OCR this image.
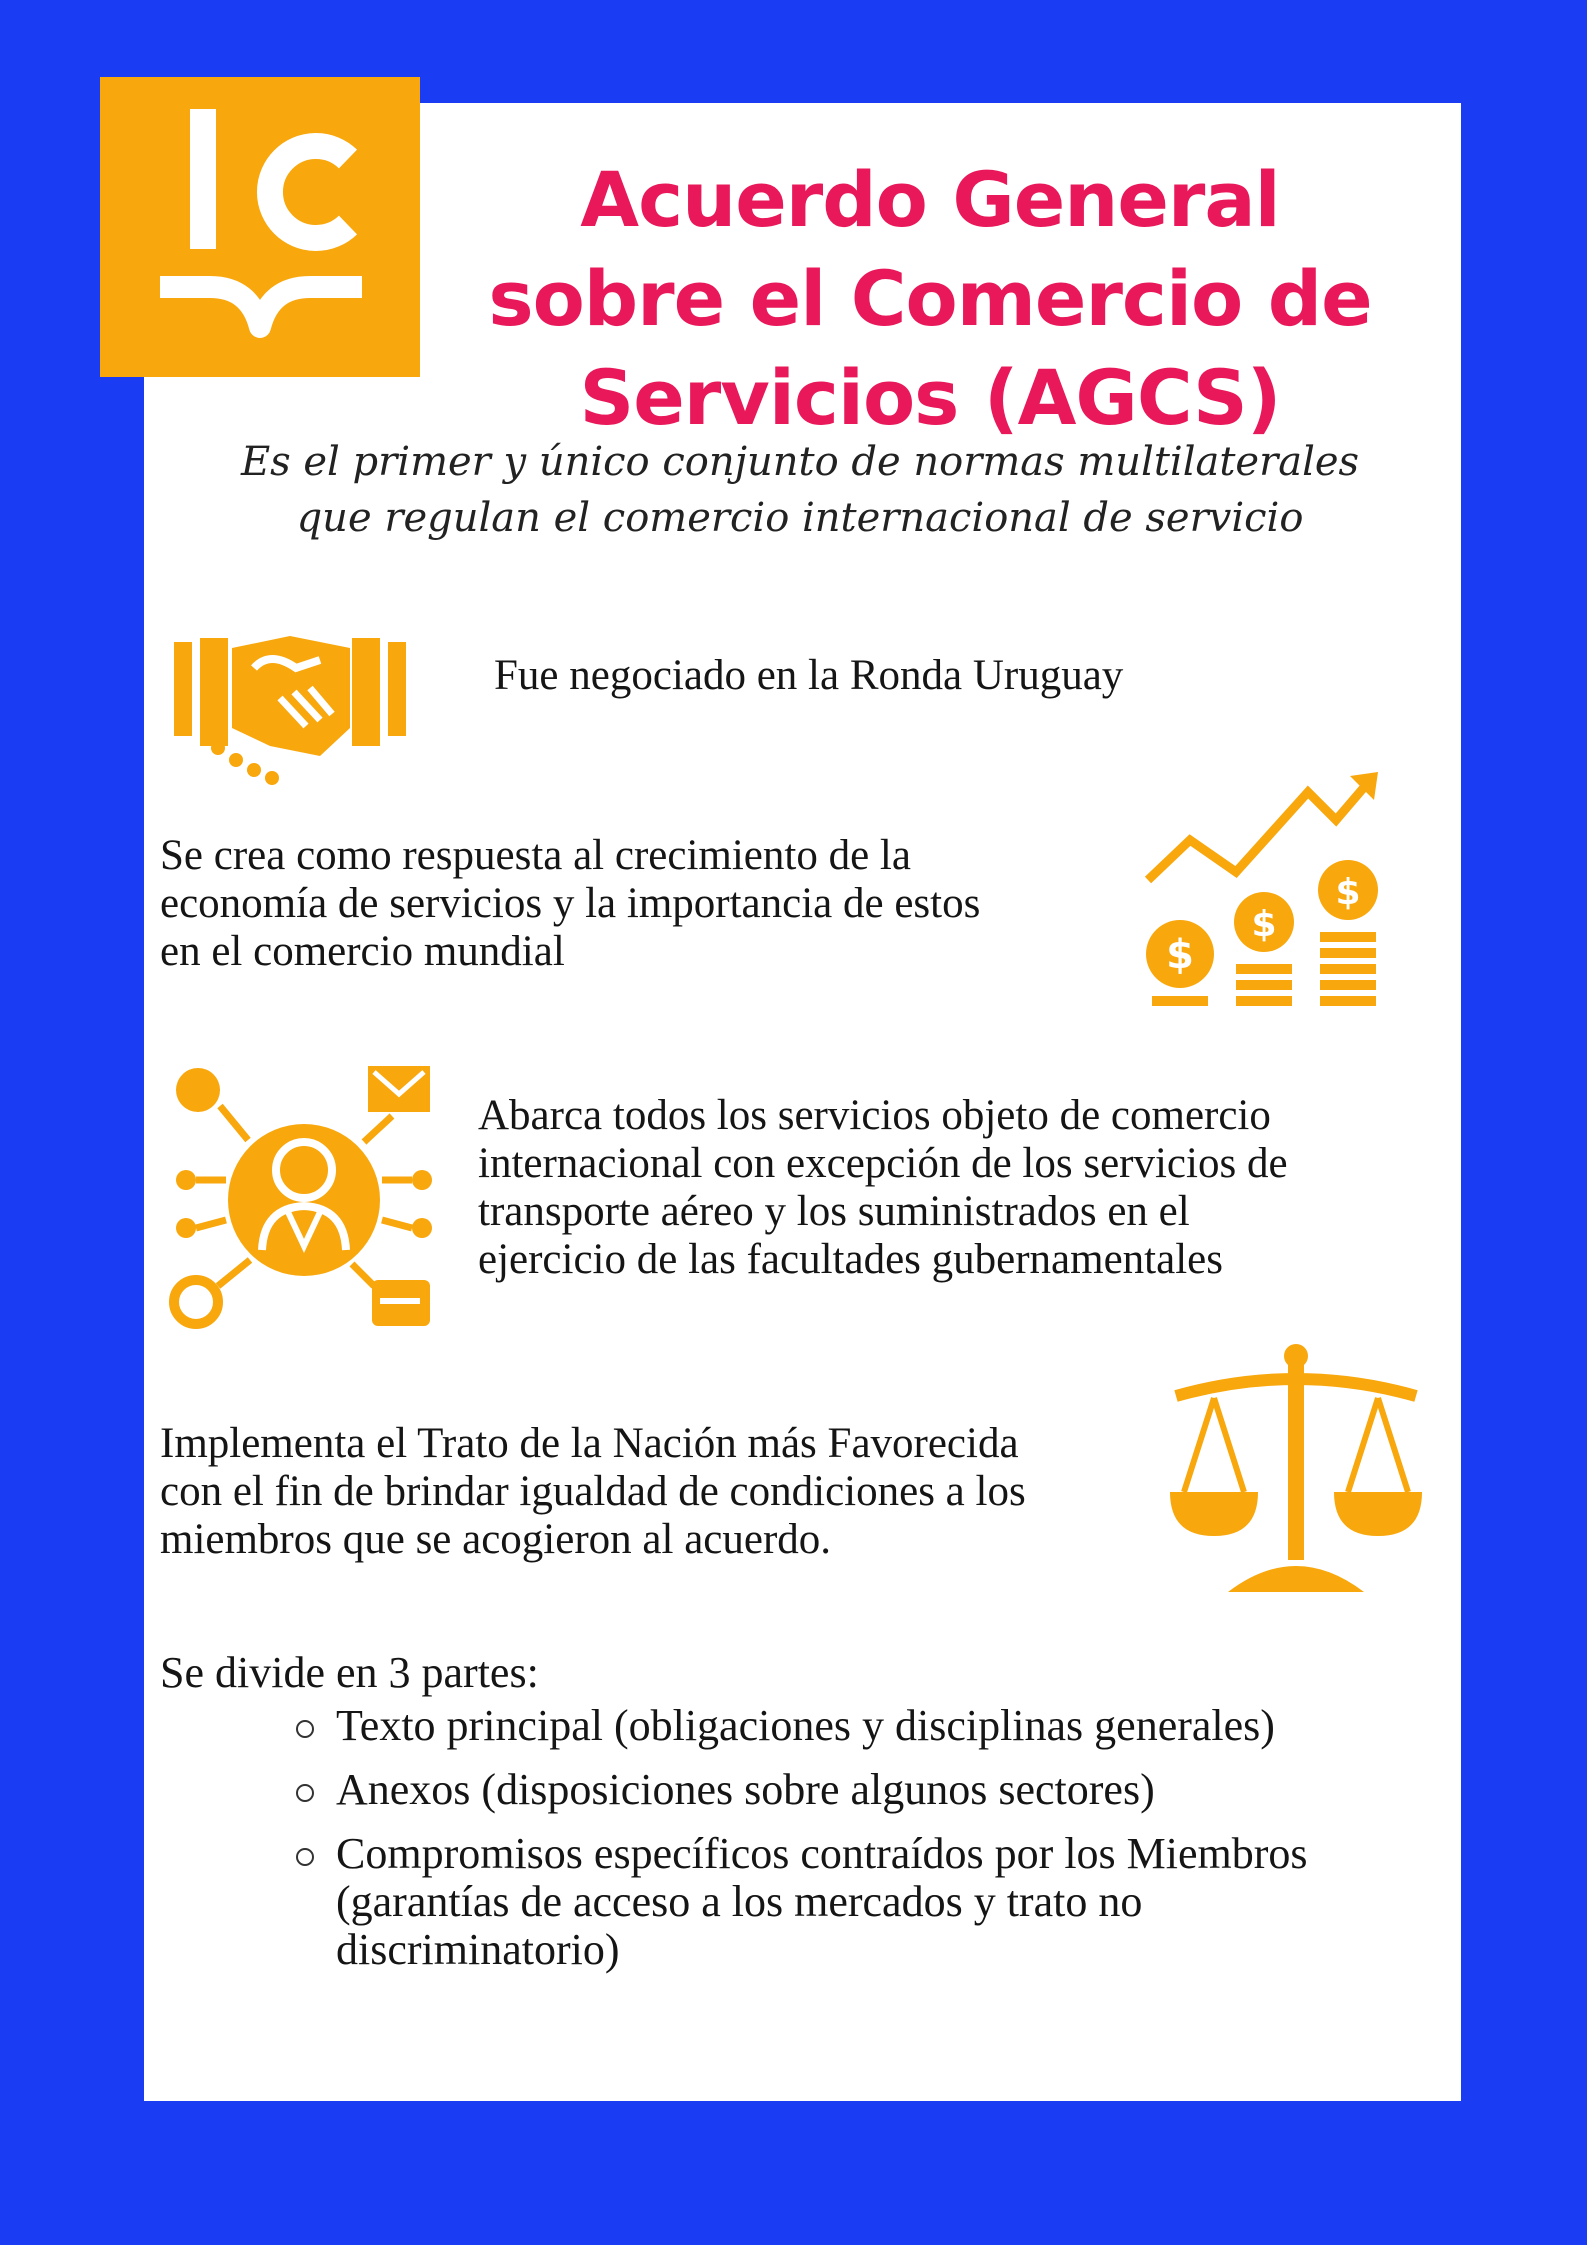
Acuerdo General
sobre el Comercio de
Servicios (AGCS)

Es el primer y único conjunto de normas multilaterales
que regulan el comercio internacional de servicio

Fue negociado en la Ronda Uruguay

Se crea como respuesta al crecimiento de la
economía de servicios y la importancia de estos
en el comercio mundial	$
$
$

Abarca todos los servicios objeto de comercio
internacional con excepción de los servicios de
transporte aéreo y los suministrados en el
ejercicio de las facultades gubernamentales

Implementa el Trato de la Nación más Favorecida
con el fin de brindar igualdad de condiciones a los
miembros que se acogieron al acuerdo.

Se divide en 3 partes:

Texto principal (obligaciones y disciplinas generales)
Anexos (disposiciones sobre algunos sectores)
Compromisos específicos contraídos por los Miembros (garantías de acceso a los mercados y trato no discriminatorio)
